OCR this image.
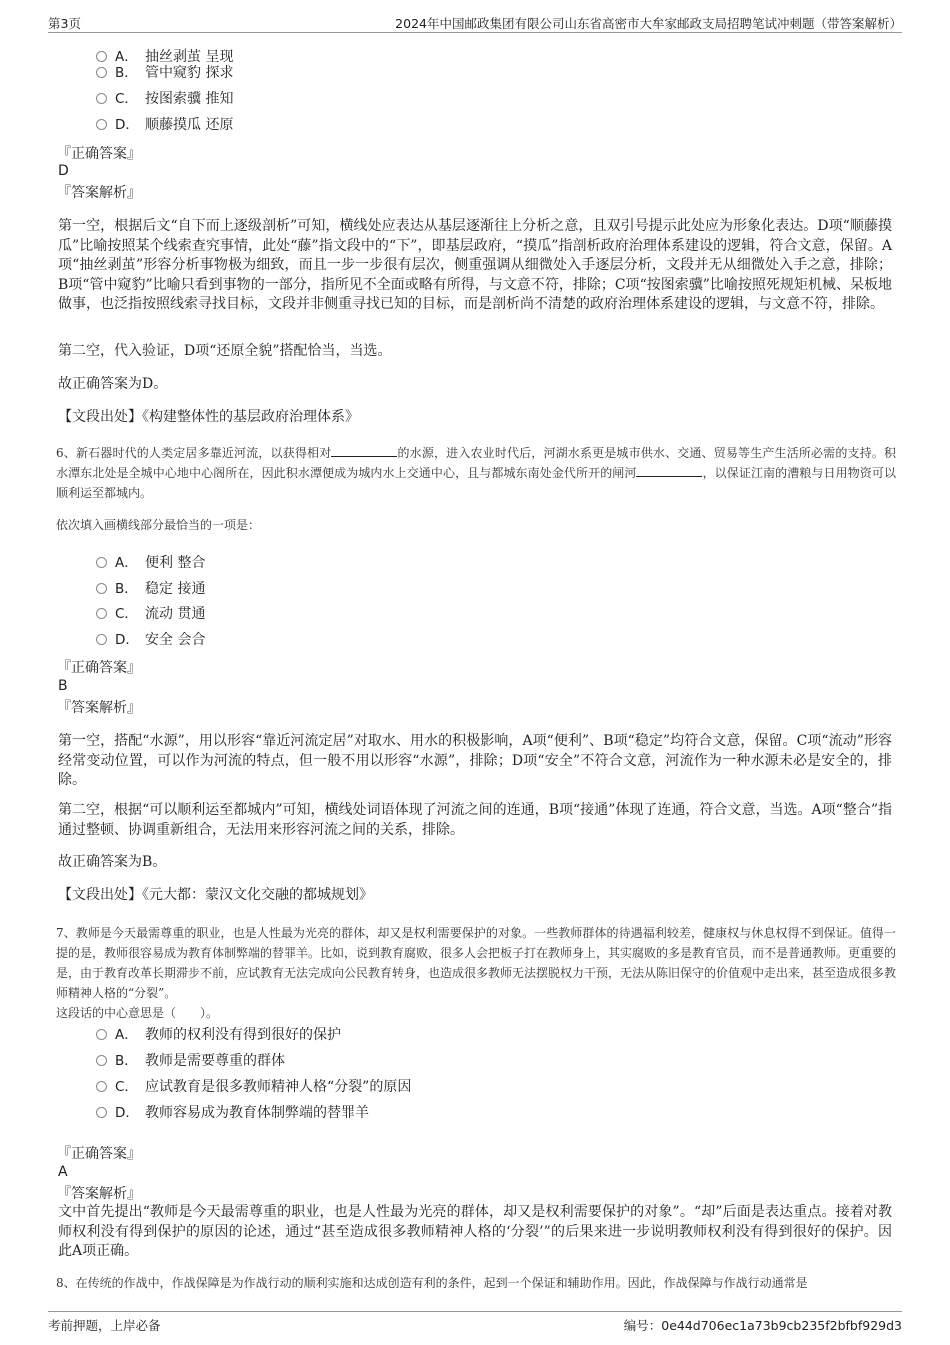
第3页	2024年中国邮政集团有限公司山东省高密市大牟家邮政支局招聘笔试冲刺题（带答案解析）
A． 抽丝剥茧 呈现
B． 管中窥豹 探求
C． 按图索骥 推知
D． 顺藤摸瓜 还原
『正确答案』
D
『答案解析』
第一空，根据后文“自下而上逐级剖析”可知，横线处应表达从基层逐渐往上分析之意，且双引号提示此处应为形象化表达。D项“顺藤摸瓜”比喻按照某个线索查究事情，此处“藤”指文段中的“下”，即基层政府，“摸瓜”指剖析政府治理体系建设的逻辑，符合文意，保留。A项“抽丝剥茧”形容分析事物极为细致，而且一步一步很有层次，侧重强调从细微处入手逐层分析，文段并无从细微处入手之意，排除；B项“管中窥豹”比喻只看到事物的一部分，指所见不全面或略有所得，与文意不符，排除；C项“按图索骥”比喻按照死规矩机械、呆板地做事，也泛指按照线索寻找目标，文段并非侧重寻找已知的目标，而是剖析尚不清楚的政府治理体系建设的逻辑，与文意不符，排除。
第二空，代入验证，D项“还原全貌”搭配恰当，当选。
故正确答案为D。
【文段出处】《构建整体性的基层政府治理体系》
6、新石器时代的人类定居多靠近河流，以获得相对	的水源，进入农业时代后，河湖水系更是城市供水、交通、贸易等生产生活所必需的支持。积水潭东北处是全城中心地中心阁所在，因此积水潭便成为城内水上交通中心，且与都城东南处金代所开的闸河	，以保证江南的漕粮与日用物资可以顺利运至都城内。
依次填入画横线部分最恰当的一项是：
A． 便利 整合
B． 稳定 接通
C． 流动 贯通
D． 安全 会合
『正确答案』
B
『答案解析』
第一空，搭配“水源”，用以形容“靠近河流定居”对取水、用水的积极影响，A项“便利”、B项“稳定”均符合文意，保留。C项“流动”形容经常变动位置，可以作为河流的特点，但一般不用以形容“水源”，排除；D项“安全”不符合文意，河流作为一种水源未必是安全的，排除。
第二空，根据“可以顺利运至都城内”可知，横线处词语体现了河流之间的连通，B项“接通”体现了连通，符合文意，当选。A项“整合”指通过整顿、协调重新组合，无法用来形容河流之间的关系，排除。
故正确答案为B。
【文段出处】《元大都：蒙汉文化交融的都城规划》
7、教师是今天最需尊重的职业，也是人性最为光亮的群体，却又是权利需要保护的对象。一些教师群体的待遇福利较差，健康权与休息权得不到保证。值得一提的是，教师很容易成为教育体制弊端的替罪羊。比如，说到教育腐败，很多人会把板子打在教师身上，其实腐败的多是教育官员，而不是普通教师。更重要的是，由于教育改革长期滞步不前，应试教育无法完成向公民教育转身，也造成很多教师无法摆脱权力干预，无法从陈旧保守的价值观中走出来，甚至造成很多教师精神人格的“分裂”。
这段话的中心意思是（　　）。
A． 教师的权利没有得到很好的保护
B． 教师是需要尊重的群体
C． 应试教育是很多教师精神人格“分裂”的原因
D． 教师容易成为教育体制弊端的替罪羊
『正确答案』
A
『答案解析』
文中首先提出“教师是今天最需尊重的职业，也是人性最为光亮的群体，却又是权利需要保护的对象”。“却”后面是表达重点。接着对教师权利没有得到保护的原因的论述，通过“甚至造成很多教师精神人格的‘分裂’”的后果来进一步说明教师权利没有得到很好的保护。因此A项正确。
8、在传统的作战中，作战保障是为作战行动的顺利实施和达成创造有利的条件，起到一个保证和辅助作用。因此，作战保障与作战行动通常是
考前押题，上岸必备	编号：0e44d706ec1a73b9cb235f2bfbf929d3
